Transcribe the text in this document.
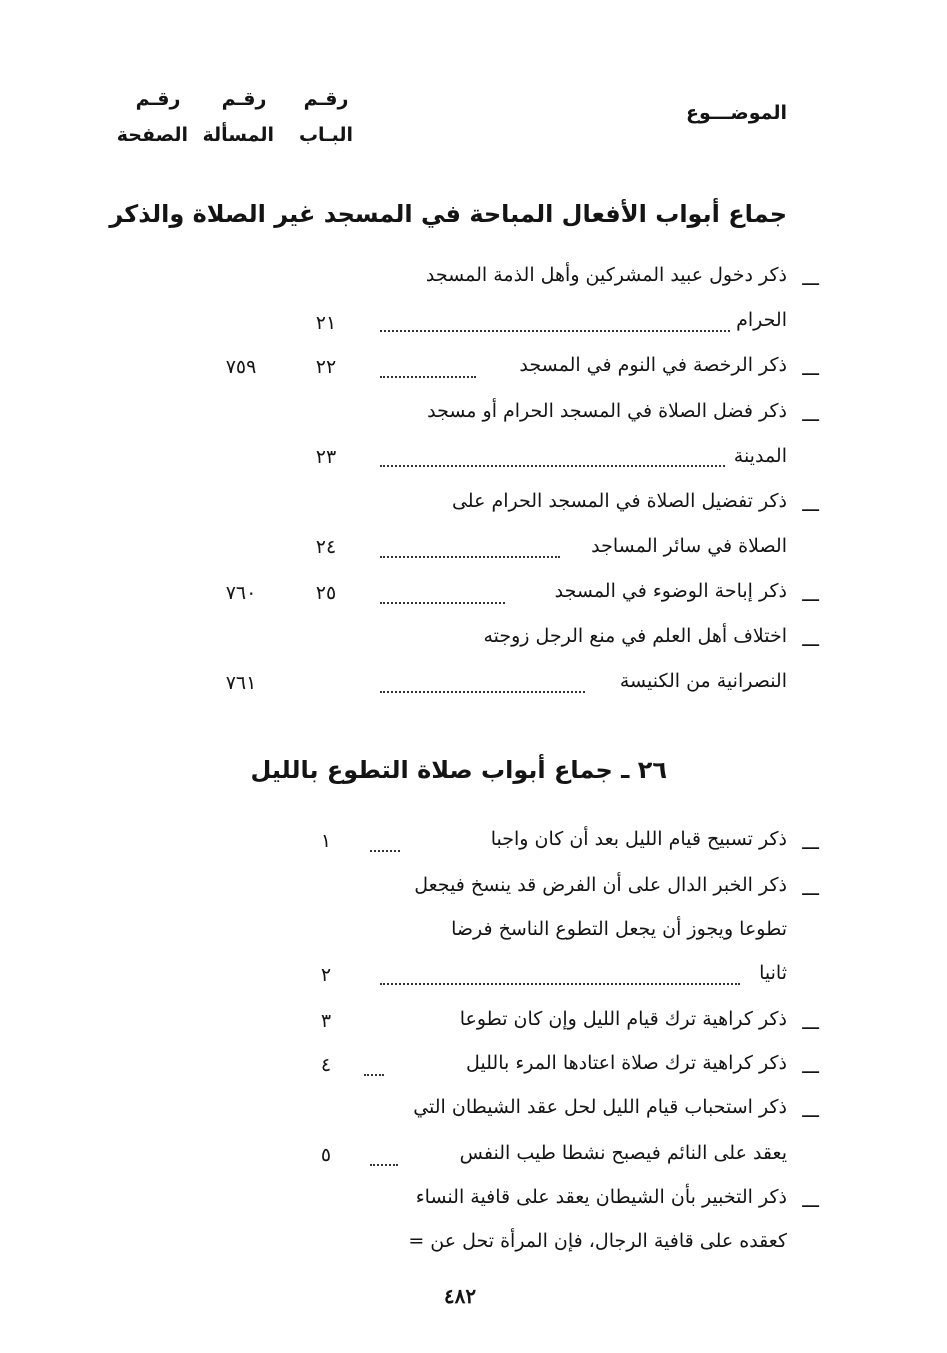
الموضـــوع
رقـم
البـاب
رقـم
المسألة
رقـم
الصفحة
جماع أبواب الأفعال المباحة في المسجد غير الصلاة والذكر
ـــ
ذكر دخول عبيد المشركين وأهل الذمة المسجد
الحرام
٢١
ـــ
ذكر الرخصة في النوم في المسجد
٢٢
٧٥٩
ـــ
ذكر فضل الصلاة في المسجد الحرام أو مسجد
المدينة
٢٣
ـــ
ذكر تفضيل الصلاة في المسجد الحرام على
الصلاة في سائر المساجد
٢٤
ـــ
ذكر إباحة الوضوء في المسجد
٢٥
٧٦٠
ـــ
اختلاف أهل العلم في منع الرجل زوجته
النصرانية من الكنيسة
٧٦١
٢٦ ـ جماع أبواب صلاة التطوع بالليل
ـــ
ذكر تسبيح قيام الليل بعد أن كان واجبا
١
ـــ
ذكر الخبر الدال على أن الفرض قد ينسخ فيجعل
تطوعا ويجوز أن يجعل التطوع الناسخ فرضا
ثانيا
٢
ـــ
ذكر كراهية ترك قيام الليل وإن كان تطوعا
٣
ـــ
ذكر كراهية ترك صلاة اعتادها المرء بالليل
٤
ـــ
ذكر استحباب قيام الليل لحل عقد الشيطان التي
يعقد على النائم فيصبح نشطا طيب النفس
٥
ـــ
ذكر التخبير بأن الشيطان يعقد على قافية النساء
كعقده على قافية الرجال، فإن المرأة تحل عن =
٤٨٢
